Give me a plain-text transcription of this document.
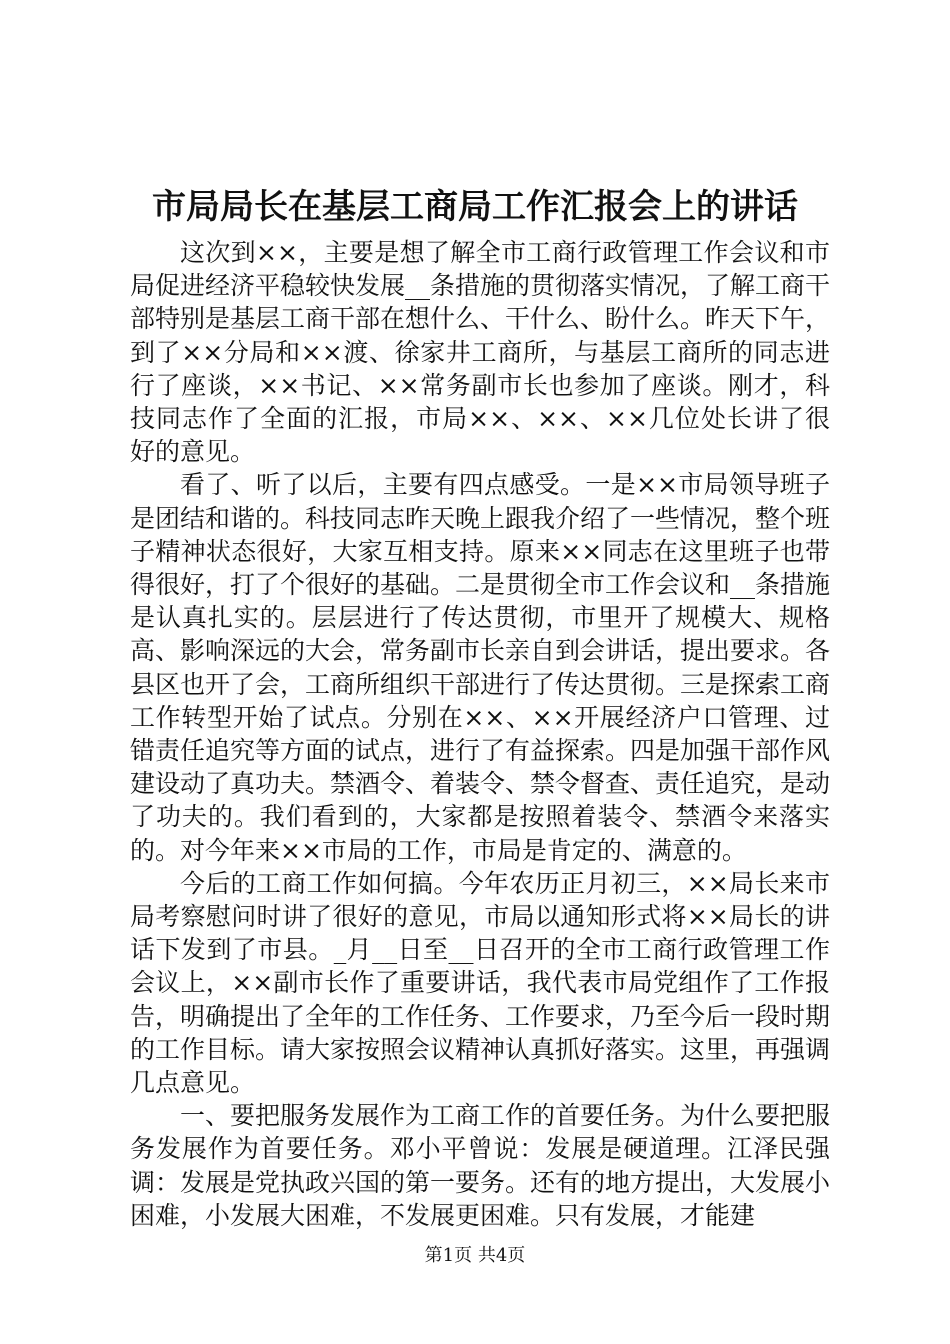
市局局长在基层工商局工作汇报会上的讲话

这次到××，主要是想了解全市工商行政管理工作会议和市局促进经济平稳较快发展__条措施的贯彻落实情况，了解工商干部特别是基层工商干部在想什么、干什么、盼什么。昨天下午，到了××分局和××渡、徐家井工商所，与基层工商所的同志进行了座谈，××书记、××常务副市长也参加了座谈。刚才，科技同志作了全面的汇报，市局××、××、××几位处长讲了很好的意见。

看了、听了以后，主要有四点感受。一是××市局领导班子是团结和谐的。科技同志昨天晚上跟我介绍了一些情况，整个班子精神状态很好，大家互相支持。原来××同志在这里班子也带得很好，打了个很好的基础。二是贯彻全市工作会议和__条措施是认真扎实的。层层进行了传达贯彻，市里开了规模大、规格高、影响深远的大会，常务副市长亲自到会讲话，提出要求。各县区也开了会，工商所组织干部进行了传达贯彻。三是探索工商工作转型开始了试点。分别在××、××开展经济户口管理、过错责任追究等方面的试点，进行了有益探索。四是加强干部作风建设动了真功夫。禁酒令、着装令、禁令督查、责任追究，是动了功夫的。我们看到的，大家都是按照着装令、禁酒令来落实的。对今年来××市局的工作，市局是肯定的、满意的。

今后的工商工作如何搞。今年农历正月初三，××局长来市局考察慰问时讲了很好的意见，市局以通知形式将××局长的讲话下发到了市县。_月__日至__日召开的全市工商行政管理工作会议上，××副市长作了重要讲话，我代表市局党组作了工作报告，明确提出了全年的工作任务、工作要求，乃至今后一段时期的工作目标。请大家按照会议精神认真抓好落实。这里，再强调几点意见。

一、要把服务发展作为工商工作的首要任务。为什么要把服务发展作为首要任务。邓小平曾说：发展是硬道理。江泽民强调：发展是党执政兴国的第一要务。还有的地方提出，大发展小困难，小发展大困难，不发展更困难。只有发展，才能建

第1页 共4页
